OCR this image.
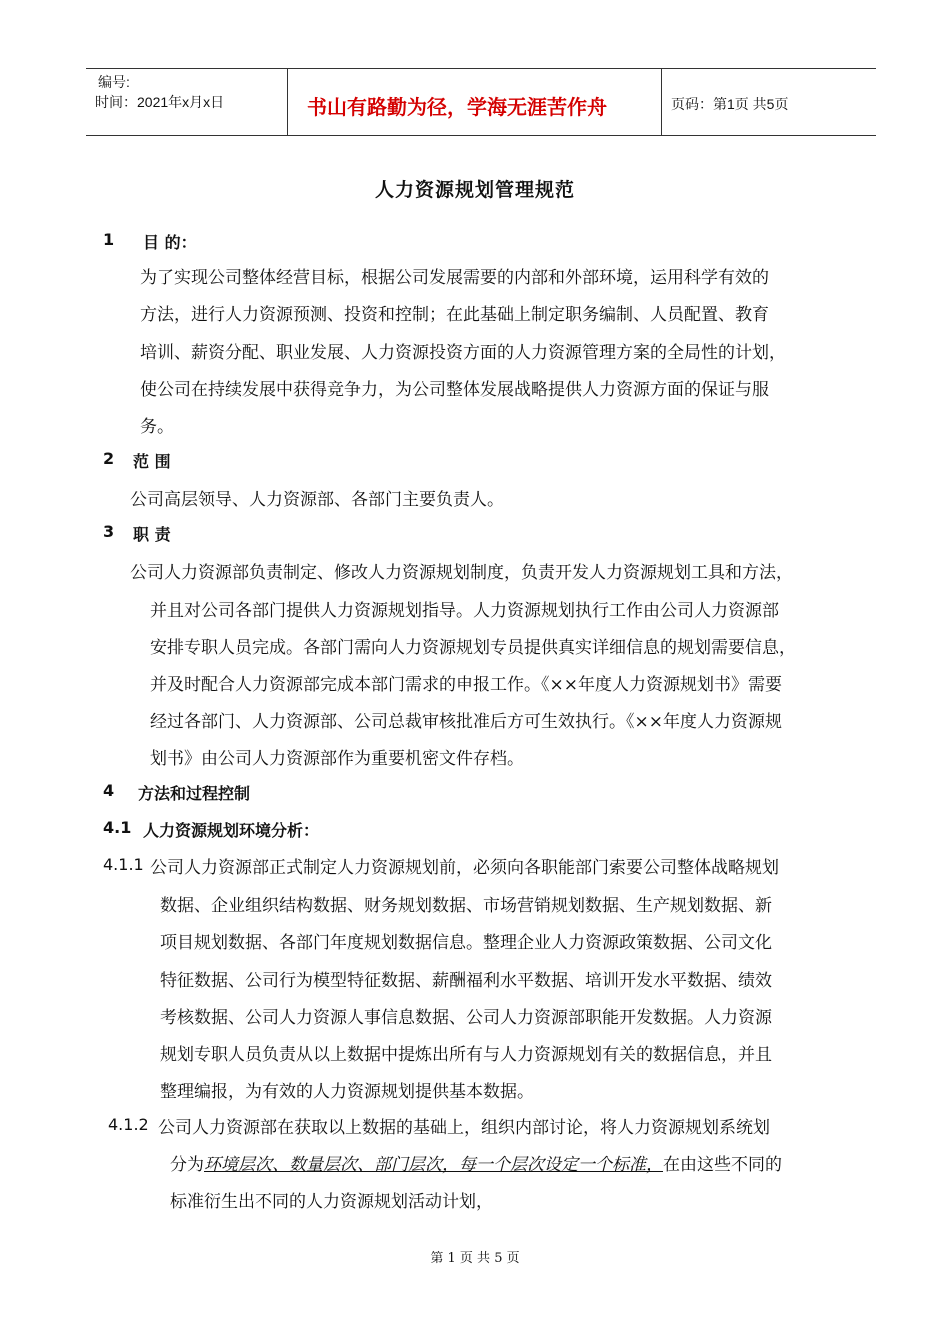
编号:
时间：2021年x月x日	书山有路勤为径，学海无涯苦作舟	页码：第1页 共5页
人力资源规划管理规范
1 目 的：
为了实现公司整体经营目标，根据公司发展需要的内部和外部环境，运用科学有效的
方法，进行人力资源预测、投资和控制；在此基础上制定职务编制、人员配置、教育
培训、薪资分配、职业发展、人力资源投资方面的人力资源管理方案的全局性的计划，
使公司在持续发展中获得竞争力，为公司整体发展战略提供人力资源方面的保证与服
务。
2 范 围
公司高层领导、人力资源部、各部门主要负责人。
3 职 责
公司人力资源部负责制定、修改人力资源规划制度，负责开发人力资源规划工具和方法，
并且对公司各部门提供人力资源规划指导。人力资源规划执行工作由公司人力资源部
安排专职人员完成。各部门需向人力资源规划专员提供真实详细信息的规划需要信息，
并及时配合人力资源部完成本部门需求的申报工作。《××年度人力资源规划书》需要
经过各部门、人力资源部、公司总裁审核批准后方可生效执行。《××年度人力资源规
划书》由公司人力资源部作为重要机密文件存档。
4 方法和过程控制
4.1 人力资源规划环境分析：
4.1.1 公司人力资源部正式制定人力资源规划前，必须向各职能部门索要公司整体战略规划
数据、企业组织结构数据、财务规划数据、市场营销规划数据、生产规划数据、新
项目规划数据、各部门年度规划数据信息。整理企业人力资源政策数据、公司文化
特征数据、公司行为模型特征数据、薪酬福利水平数据、培训开发水平数据、绩效
考核数据、公司人力资源人事信息数据、公司人力资源部职能开发数据。人力资源
规划专职人员负责从以上数据中提炼出所有与人力资源规划有关的数据信息，并且
整理编报，为有效的人力资源规划提供基本数据。
4.1.2 公司人力资源部在获取以上数据的基础上，组织内部讨论，将人力资源规划系统划
分为环境层次、数量层次、部门层次，每一个层次设定一个标准，在由这些不同的
标准衍生出不同的人力资源规划活动计划，
第 1 页 共 5 页
